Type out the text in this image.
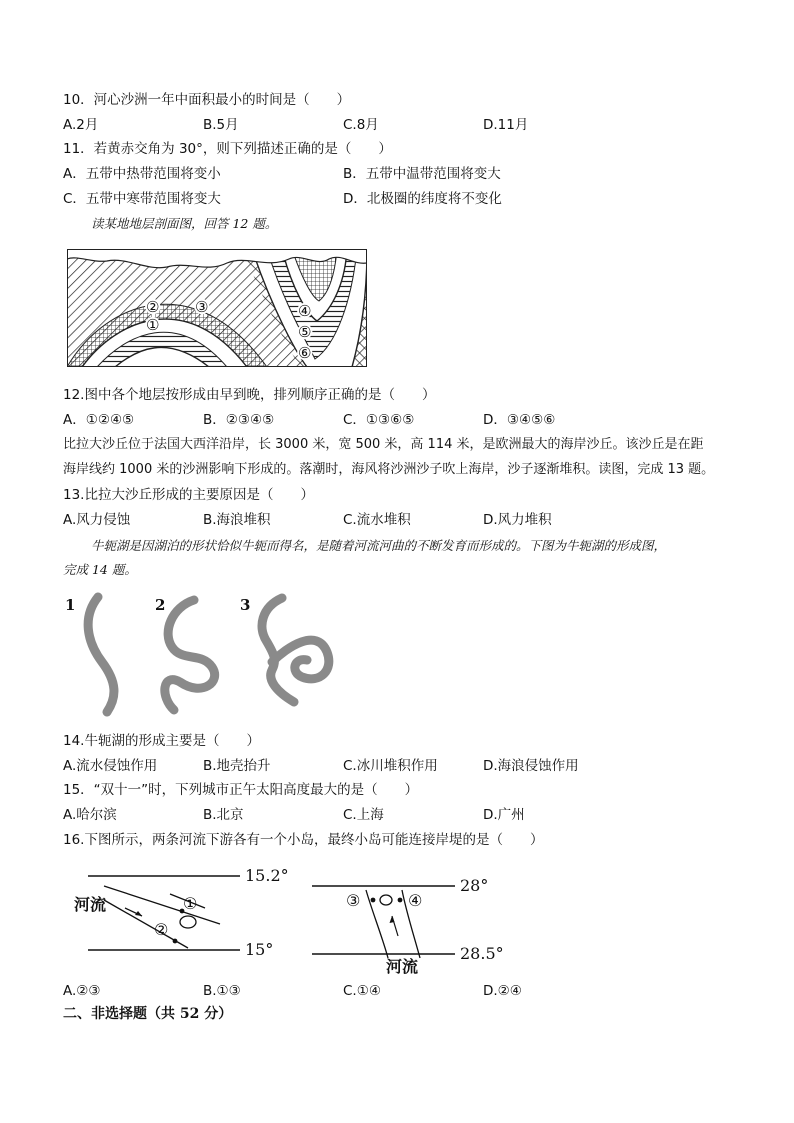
10．河心沙洲一年中面积最小的时间是（　　）
A.2月	B.5月	C.8月	D.11月
11．若黄赤交角为 30°，则下列描述正确的是（　　）
A．五带中热带范围将变小	B．五带中温带范围将变大
C．五带中寒带范围将变大	D．北极圈的纬度将不变化
读某地地层剖面图，回答 12 题。
② ③
①
④
⑤
⑥
12.图中各个地层按形成由早到晚，排列顺序正确的是（　　）
A．①②④⑤	B．②③④⑤	C．①③⑥⑤	D．③④⑤⑥
比拉大沙丘位于法国大西洋沿岸，长 3000 米，宽 500 米，高 114 米，是欧洲最大的海岸沙丘。该沙丘是在距
海岸线约 1000 米的沙洲影响下形成的。落潮时，海风将沙洲沙子吹上海岸，沙子逐渐堆积。读图，完成 13 题。
13.比拉大沙丘形成的主要原因是（　　）
A.风力侵蚀	B.海浪堆积	C.流水堆积	D.风力堆积
牛轭湖是因湖泊的形状恰似牛轭而得名，是随着河流河曲的不断发育而形成的。下图为牛轭湖的形成图，
完成 14 题。
1	2	3
14.牛轭湖的形成主要是（　　）
A.流水侵蚀作用	B.地壳抬升	C.冰川堆积作用	D.海浪侵蚀作用
15．“双十一”时，下列城市正午太阳高度最大的是（　　）
A.哈尔滨	B.北京	C.上海	D.广州
16.下图所示，两条河流下游各有一个小岛，最终小岛可能连接岸堤的是（　　）
河流
15.2°
15°
①
②
28°
28.5°
③	④
河流
A.②③	B.①③	C.①④	D.②④
二、非选择题（共 52 分）
